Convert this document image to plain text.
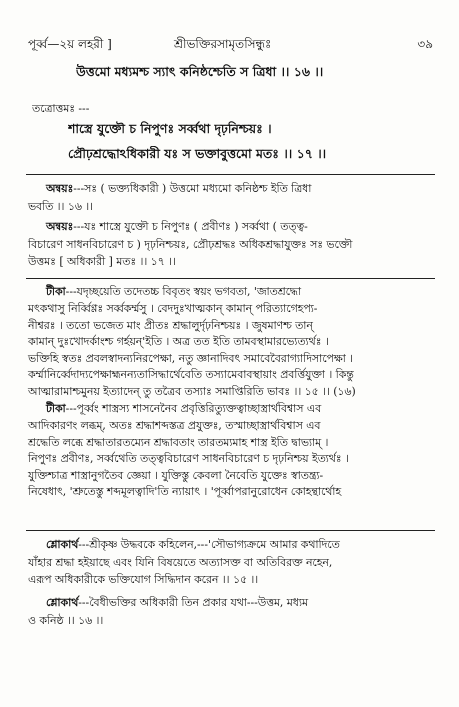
পূর্ব্ব—২য় লহরী ]	শ্রীভক্তিরসামৃতসিন্ধুঃ	৩৯
উত্তমো মধ্যমশ্চ স্যাৎ কনিষ্ঠশ্চেতি স ত্রিধা ।। ১৬ ।।
তত্রোত্তমঃ ---
শাস্ত্রে যুক্তৌ চ নিপুণঃ সর্ব্বথা দৃঢ়নিশ্চয়ঃ ।
প্রৌঢ়শ্রদ্ধোঽধিকারী যঃ স ভক্তাবুত্তমো মতঃ ।। ১৭ ।।
অন্বয়ঃ---সঃ ( ভক্ত্যধিকারী ) উত্তমো মধ্যমো কনিষ্ঠশ্চ ইতি ত্রিধা
ভবতি ।। ১৬ ।।
অন্বয়ঃ---যঃ শাস্ত্রে যুক্তৌ চ নিপুণঃ ( প্রবীণঃ ) সর্ব্বথা ( তত্ত্ব-
বিচারেণ সাধনবিচারেণ চ ) দৃঢ়নিশ্চয়ঃ, প্রৌঢ়শ্রদ্ধঃ অধিকশ্রদ্ধাযুক্তঃ সঃ ভক্তৌ
উত্তমঃ [ অধিকারী ] মতঃ ।। ১৭ ।।
টীকা---যদৃচ্ছয়েতি তদেতচ্চ বিবৃতং স্বয়ং ভগবতা, 'জাতশ্রদ্ধো
মৎকথাসু নির্ব্বিণ্ণঃ সর্ব্বকর্ম্মসু । বেদদুঃখাত্মকান্ কামান্ পরিত্যাগেহপ্য-
নীশ্বরঃ । ততো ভজেত মাং প্রীতঃ শ্রদ্ধালুর্দৃঢ়নিশ্চয়ঃ । জুষমাণশ্চ তান্
কামান্ দুঃখোদর্কাংশ্চ গর্হয়ন্'ইতি । অত্র তত ইতি তামবস্থামারভ্যেত্যর্থঃ ।
ভক্তিহি স্বতঃ প্রবলস্বাদন্যনিরপেক্ষা, নতু জ্ঞানাদিবৎ সমাবেবৈরাগ্যাদিসাপেক্ষা ।
কর্ম্মানির্ব্বেদাদ্যপেক্ষাহ্মনন্যতাসিদ্ধার্থেবেতি তস্যামেবাবস্থায়াং প্রবর্ত্তিযুক্তা । কিন্তু
আত্মারামাশ্চমুনয় ইত্যাদেন্ তু তত্রৈব তস্যাঃ সমাপ্তিরিতি ভাবঃ ।। ১৫ ।। (১৬)
টীকা---পূর্ব্বং শাস্ত্রস্য শাসনেনৈব প্রবৃত্তিরিত্যুক্তত্বাচ্ছাস্ত্রার্থবিশ্বাস এব
আদিকারণং লব্ধম্, অতঃ শ্রদ্ধাশব্দস্তত্র প্রযুক্তঃ, তস্মাচ্ছাস্ত্রার্থবিশ্বাস এব
শ্রদ্ধেতি লব্ধে শ্রদ্ধাতারতম্যেন শ্রদ্ধাবতাং তারতম্যমাহ শাস্ত্র ইতি দ্বাভ্যাম্ ।
নিপুণঃ প্রবীণঃ, সর্ব্বথেতি তত্ত্ববিচারেণ সাধনবিচারেণ চ দৃঢ়নিশ্চয় ইত্যর্থঃ ।
যুক্তিশ্চাত্র শাস্ত্রানুগতৈব জ্ঞেয়া । যুক্তিস্তু কেবলা নৈবেতি যুক্তেঃ স্বাতন্ত্র্য-
নিষেধাৎ, 'শ্রুতেস্তু শব্দমূলত্বাদি'তি ন্যায়াৎ । 'পূর্ব্বাপরানুরোধেন কোহন্থার্থোহ
শ্লোকার্থ---শ্রীকৃষ্ণ উদ্ধবকে কহিলেন,---'সৌভাগ্যক্রমে আমার কথাদিতে
যাঁহার শ্রদ্ধা হইয়াছে এবং যিনি বিষয়েতে অত্যাসক্ত বা অতিবিরক্ত নহেন,
এরূপ অধিকারীকে ভক্তিযোগ সিদ্ধিদান করেন ।। ১৫ ।।
শ্লোকার্থ---বৈধীভক্তির অধিকারী তিন প্রকার যথা---উত্তম, মধ্যম
ও কনিষ্ঠ ।। ১৬ ।।
